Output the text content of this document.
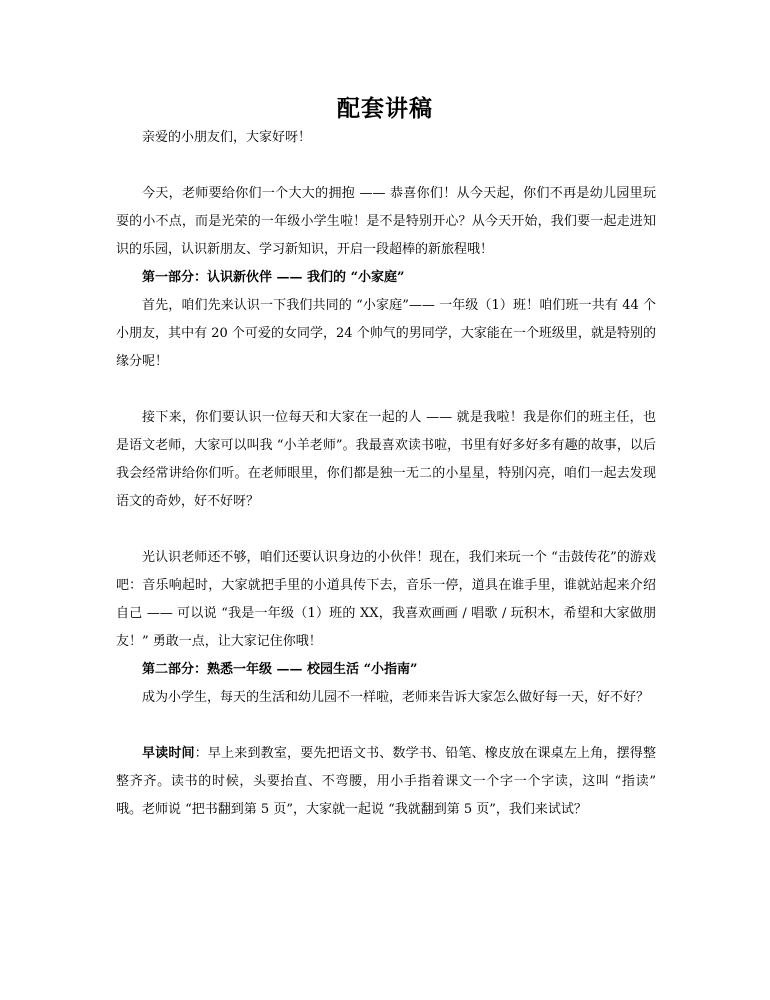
配套讲稿

亲爱的小朋友们，大家好呀！

今天，老师要给你们一个大大的拥抱 —— 恭喜你们！从今天起，你们不再是幼儿园里玩耍的小不点，而是光荣的一年级小学生啦！是不是特别开心？从今天开始，我们要一起走进知识的乐园，认识新朋友、学习新知识，开启一段超棒的新旅程哦！

第一部分：认识新伙伴 —— 我们的 “小家庭”

首先，咱们先来认识一下我们共同的 “小家庭”—— 一年级（1）班！咱们班一共有 44 个小朋友，其中有 20 个可爱的女同学，24 个帅气的男同学，大家能在一个班级里，就是特别的缘分呢！

接下来，你们要认识一位每天和大家在一起的人 —— 就是我啦！我是你们的班主任，也是语文老师，大家可以叫我 “小羊老师”。我最喜欢读书啦，书里有好多好多有趣的故事，以后我会经常讲给你们听。在老师眼里，你们都是独一无二的小星星，特别闪亮，咱们一起去发现语文的奇妙，好不好呀？

光认识老师还不够，咱们还要认识身边的小伙伴！现在，我们来玩一个 “击鼓传花”的游戏吧：音乐响起时，大家就把手里的小道具传下去，音乐一停，道具在谁手里，谁就站起来介绍自己 —— 可以说 “我是一年级（1）班的 XX，我喜欢画画 / 唱歌 / 玩积木，希望和大家做朋友！” 勇敢一点，让大家记住你哦！

第二部分：熟悉一年级 —— 校园生活 “小指南”

成为小学生，每天的生活和幼儿园不一样啦，老师来告诉大家怎么做好每一天，好不好？

早读时间：早上来到教室，要先把语文书、数学书、铅笔、橡皮放在课桌左上角，摆得整整齐齐。读书的时候，头要抬直、不弯腰，用小手指着课文一个字一个字读，这叫 “指读” 哦。老师说 “把书翻到第 5 页”，大家就一起说 “我就翻到第 5 页”，我们来试试？
